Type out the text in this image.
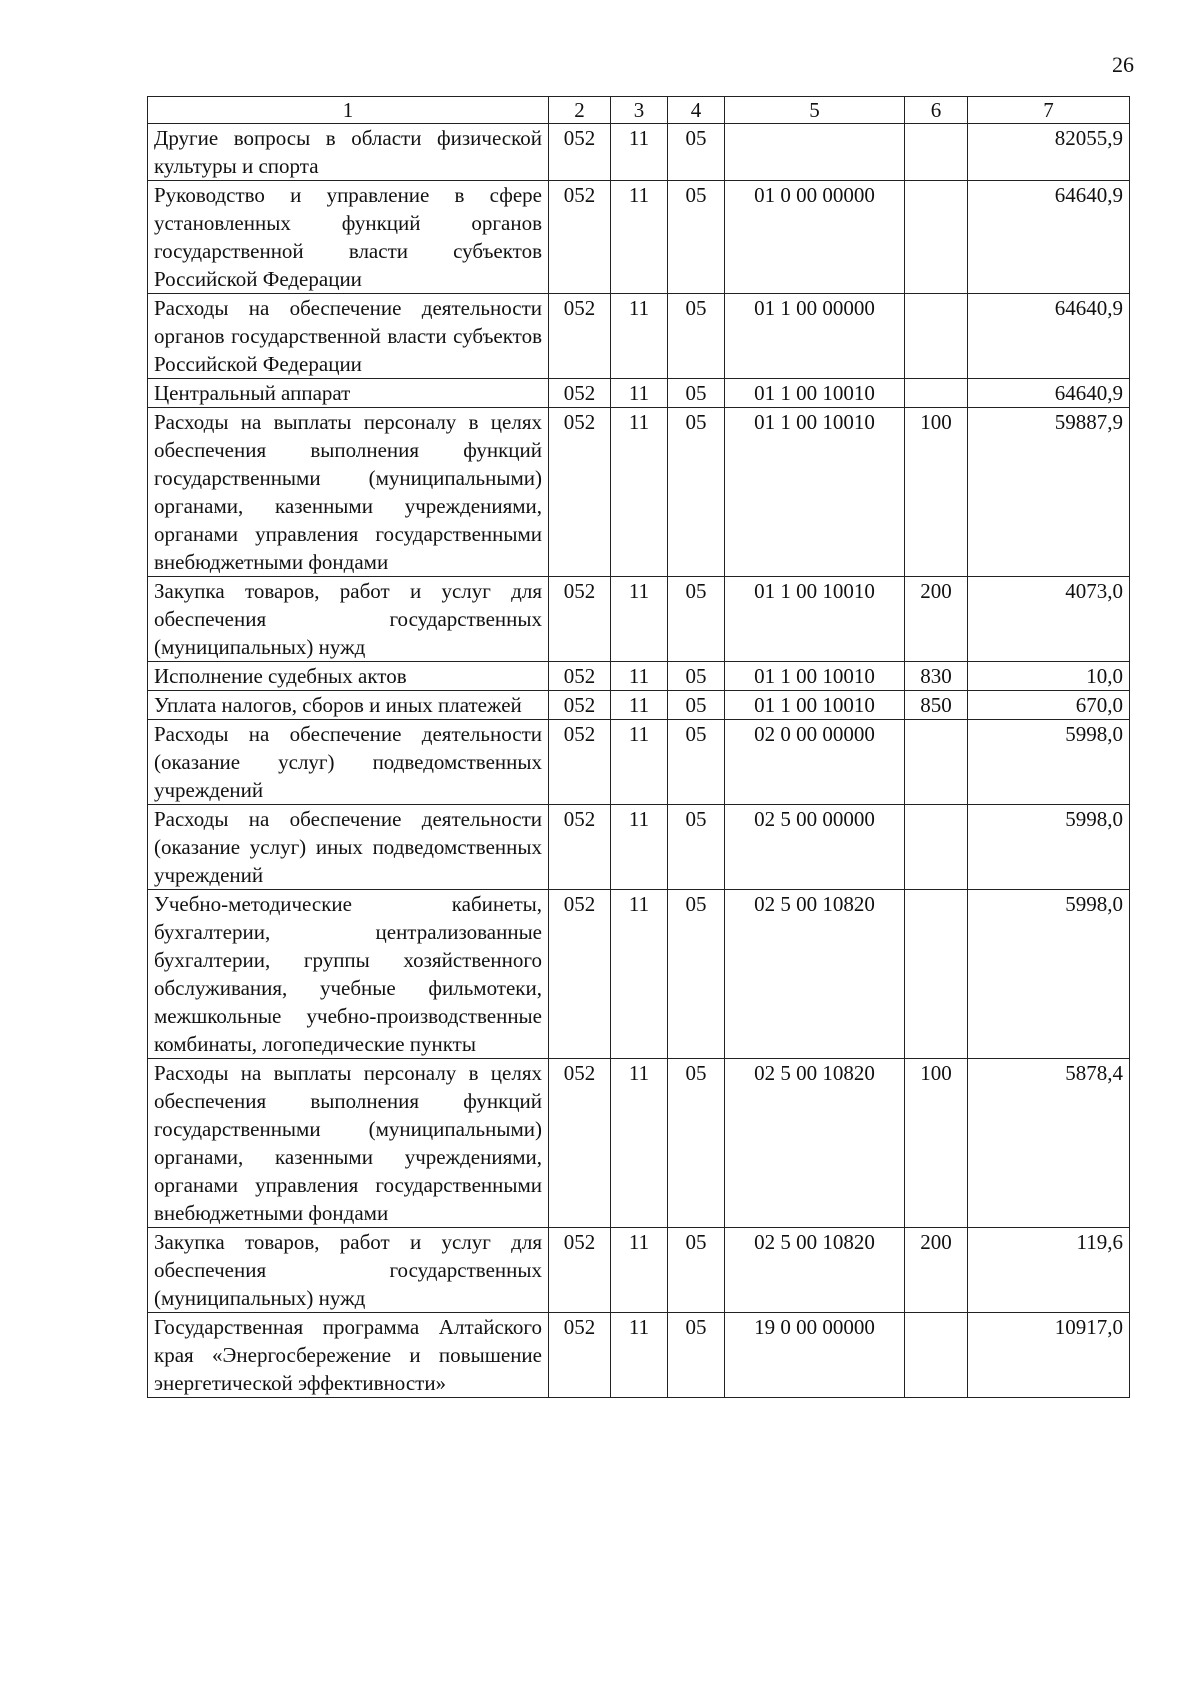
26
1	2	3	4	5	6	7
Другие вопросы в области физической культуры и спорта	052	11	05			82055,9
Руководство и управление в сфере установленных функций органов государственной власти субъектов Российской Федерации	052	11	05	01 0 00 00000		64640,9
Расходы на обеспечение деятельности органов государственной власти субъектов Российской Федерации	052	11	05	01 1 00 00000		64640,9
Центральный аппарат	052	11	05	01 1 00 10010		64640,9
Расходы на выплаты персоналу в целях обеспечения выполнения функций государственными (муниципальными) органами, казенными учреждениями, органами управления государственными внебюджетными фондами	052	11	05	01 1 00 10010	100	59887,9
Закупка товаров, работ и услуг для обеспечения государственных (муниципальных) нужд	052	11	05	01 1 00 10010	200	4073,0
Исполнение судебных актов	052	11	05	01 1 00 10010	830	10,0
Уплата налогов, сборов и иных платежей	052	11	05	01 1 00 10010	850	670,0
Расходы на обеспечение деятельности (оказание услуг) подведомственных учреждений	052	11	05	02 0 00 00000		5998,0
Расходы на обеспечение деятельности (оказание услуг) иных подведомственных учреждений	052	11	05	02 5 00 00000		5998,0
Учебно-методические кабинеты, бухгалтерии, централизованные бухгалтерии, группы хозяйственного обслуживания, учебные фильмотеки, межшкольные учебно-производственные комбинаты, логопедические пункты	052	11	05	02 5 00 10820		5998,0
Расходы на выплаты персоналу в целях обеспечения выполнения функций государственными (муниципальными) органами, казенными учреждениями, органами управления государственными внебюджетными фондами	052	11	05	02 5 00 10820	100	5878,4
Закупка товаров, работ и услуг для обеспечения государственных (муниципальных) нужд	052	11	05	02 5 00 10820	200	119,6
Государственная программа Алтайского края «Энергосбережение и повышение энергетической эффективности»	052	11	05	19 0 00 00000		10917,0
